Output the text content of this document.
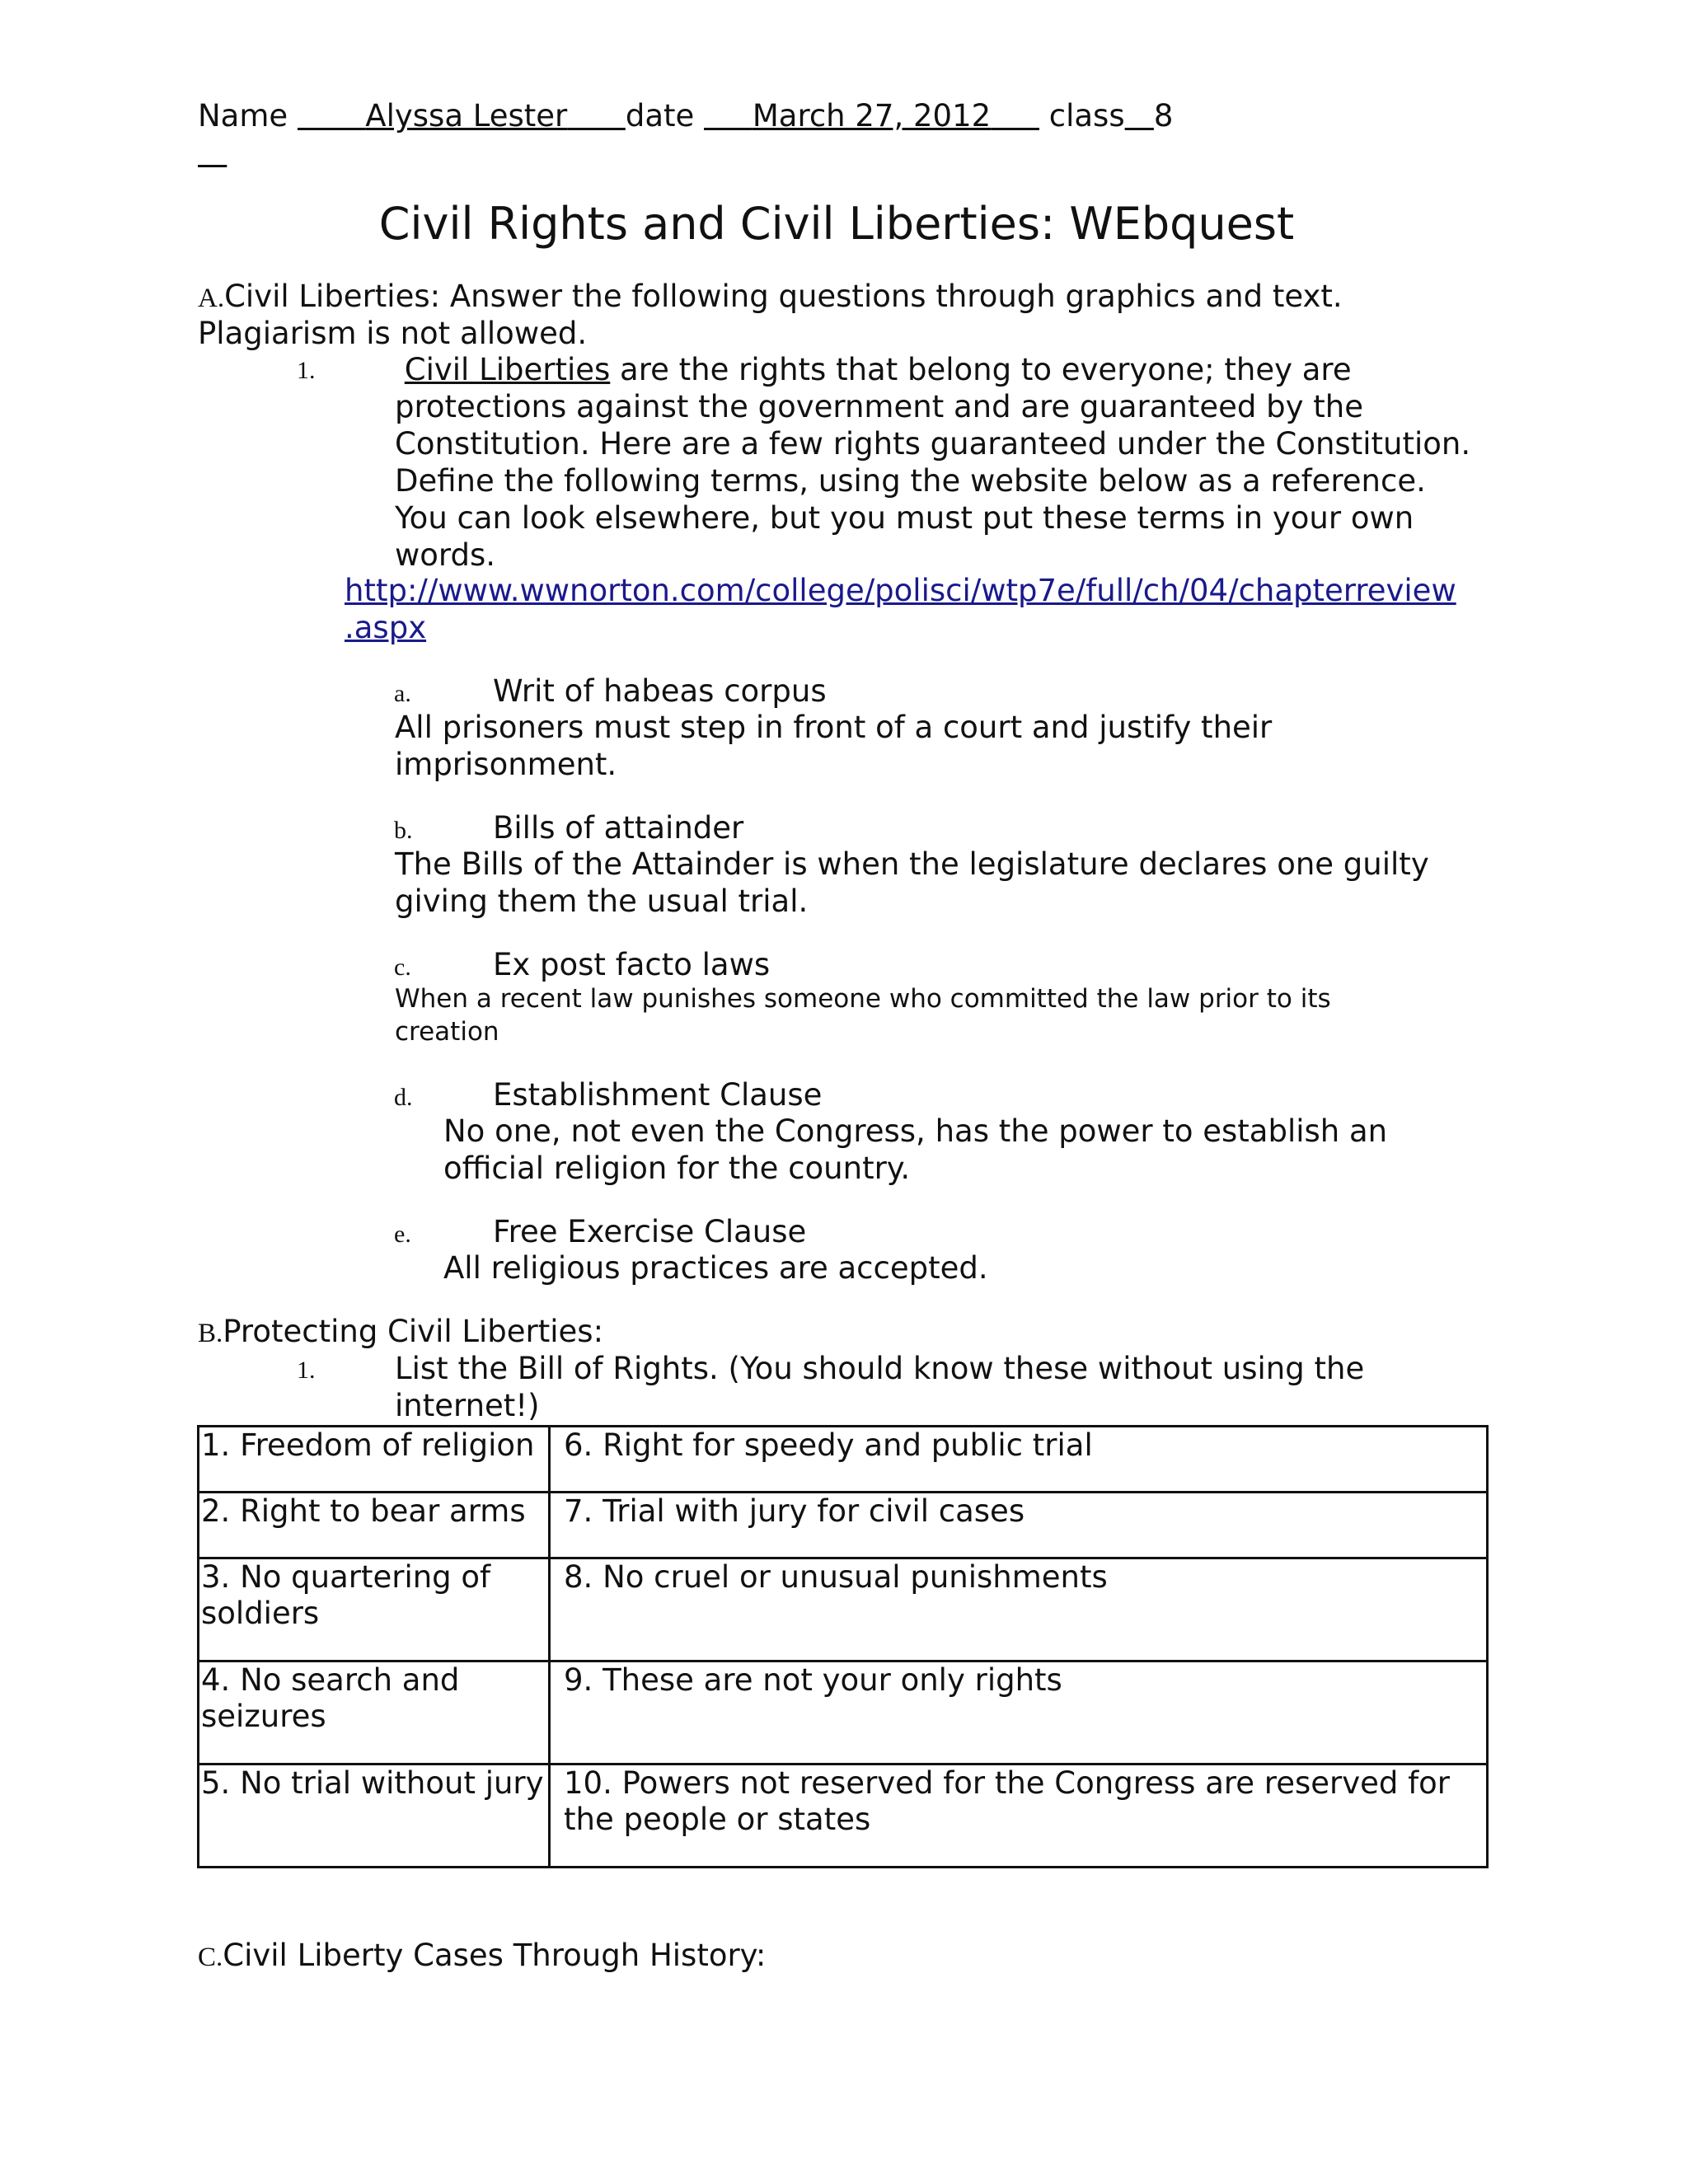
Name	Alyssa Lester date March 27, 2012 class 8

Civil Rights and Civil Liberties: WEbquest
A.Civil Liberties: Answer the following questions through graphics and text.
Plagiarism is not allowed.
1.	Civil Liberties are the rights that belong to everyone; they are
protections against the government and are guaranteed by the
Constitution. Here are a few rights guaranteed under the Constitution.
Define the following terms, using the website below as a reference.
You can look elsewhere, but you must put these terms in your own
words.
http://www.wwnorton.com/college/polisci/wtp7e/full/ch/04/chapterreview
.aspx
a.	Writ of habeas corpus
All prisoners must step in front of a court and justify their
imprisonment.
b.	Bills of attainder
The Bills of the Attainder is when the legislature declares one guilty
giving them the usual trial.
c.	Ex post facto laws
When a recent law punishes someone who committed the law prior to its
creation
d.	Establishment Clause
No one, not even the Congress, has the power to establish an
official religion for the country.
e.	Free Exercise Clause
All religious practices are accepted.
B.Protecting Civil Liberties:
1.	List the Bill of Rights. (You should know these without using the
internet!)
1. Freedom of religion	6. Right for speedy and public trial

2. Right to bear arms	7. Trial with jury for civil cases

3. No quartering of
soldiers	8. No cruel or unusual punishments

4. No search and
seizures	9. These are not your only rights

5. No trial without jury	10. Powers not reserved for the Congress are reserved for
the people or states
C.Civil Liberty Cases Through History:
